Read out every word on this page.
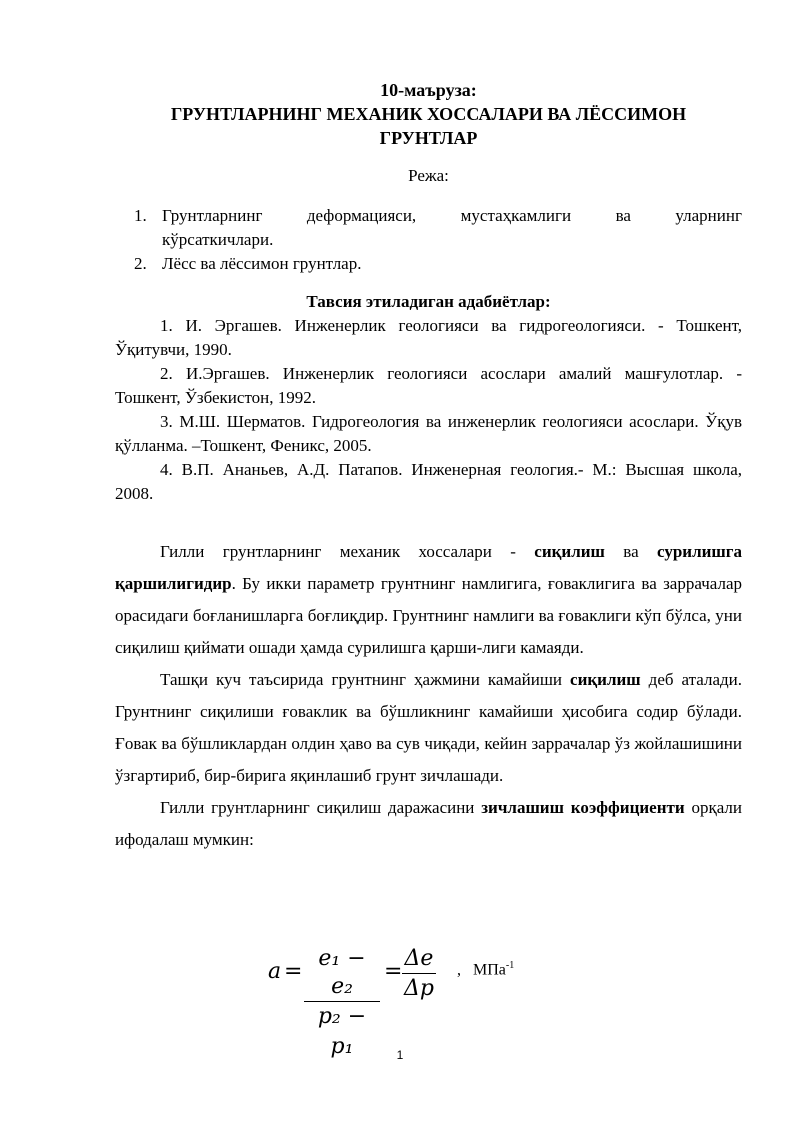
10-маъруза:
ГРУНТЛАРНИНГ МЕХАНИК ХОССАЛАРИ ВА ЛЁССИМОН
ГРУНТЛАР
Режа:
1. Грунтларнинг	деформацияси,	мустаҳкамлиги	ва	уларнинг
кўрсаткичлари.
2. Лёсс ва лёссимон грунтлар.
Тавсия этиладиган адабиётлар:
1. И. Эргашев. Инженерлик геологияси ва гидрогеологияси. - Тошкент, Ўқитувчи, 1990.
2. И.Эргашев. Инженерлик геологияси асослари амалий машғулотлар. - Тошкент, Ўзбекистон, 1992.
3. М.Ш. Шерматов. Гидрогеология ва инженерлик геологияси асослари. Ўқув қўлланма. –Тошкент, Феникс, 2005.
4. В.П. Ананьев, А.Д. Патапов. Инженерная геология.- М.: Высшая школа, 2008.

Гилли грунтларнинг механик хоссалари - сиқилиш ва сурилишга қаршилигидир. Бу икки параметр грунтнинг намлигига, ғоваклигига ва заррачалар орасидаги боғланишларга боғлиқдир. Грунтнинг намлиги ва ғоваклиги кўп бўлса, уни сиқилиш қиймати ошади ҳамда сурилишга қарши-лиги камаяди.

Ташқи куч таъсирида грунтнинг ҳажмини камайиши сиқилиш деб аталади. Грунтнинг сиқилиши ғоваклик ва бўшликнинг камайиши ҳисобига содир бўлади. Ғовак ва бўшликлардан олдин ҳаво ва сув чиқади, кейин заррачалар ўз жойлашишини ўзгартириб, бир-бирига яқинлашиб грунт зичлашади.

Гилли грунтларнинг сиқилиш даражасини зичлашиш коэффициенти орқали ифодалаш мумкин:

a =
e₁ − e₂
p₂ − p₁
=
Δe
Δp
, МПа$^{-1}$
1
